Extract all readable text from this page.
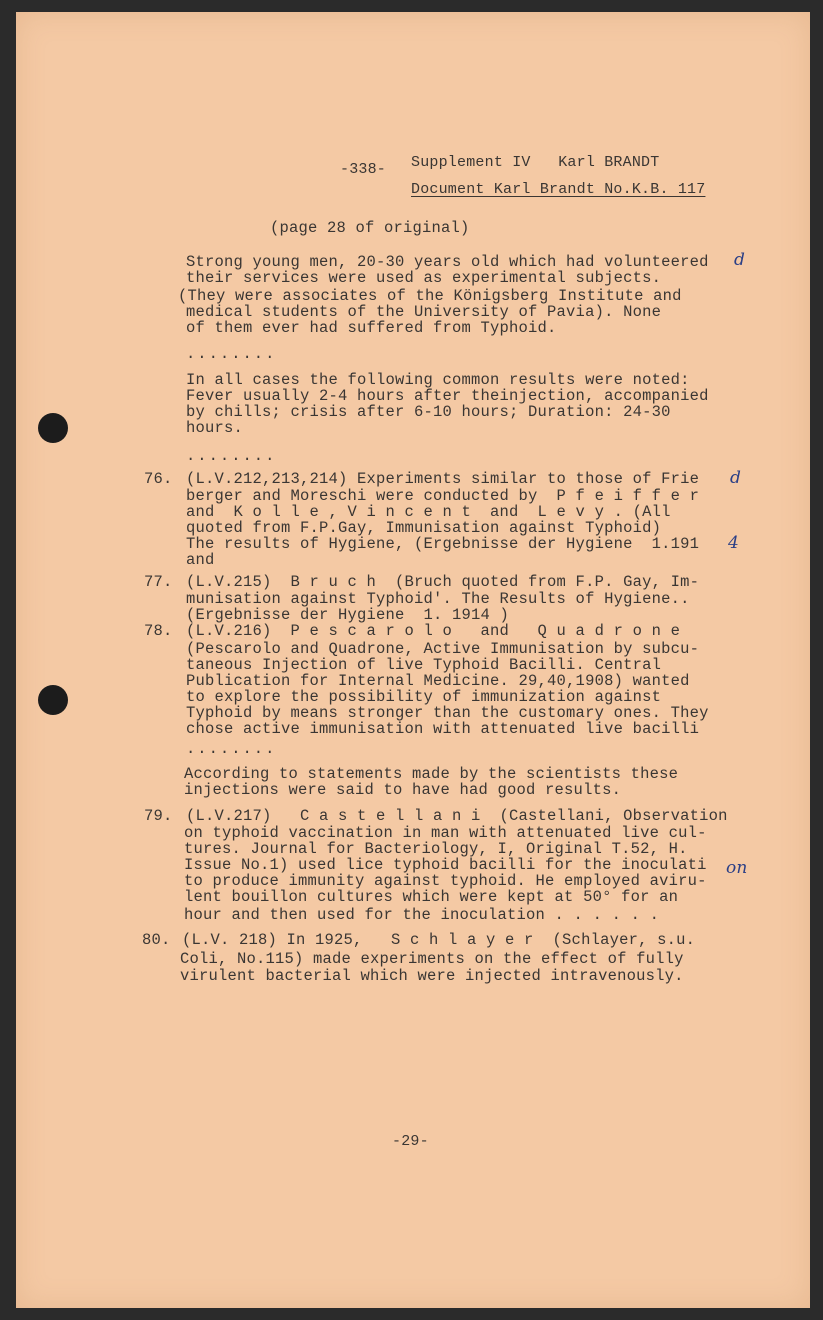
-338- Supplement IV   Karl BRANDT
Document Karl Brandt No.K.B. 117
(page 28 of original)
Strong young men, 20-30 years old which had volunteered d
their services were used as experimental subjects.
(They were associates of the Königsberg Institute and
medical students of the University of Pavia). None
of them ever had suffered from Typhoid.
........
In all cases the following common results were noted:
Fever usually 2-4 hours after theinjection, accompanied
by chills; crisis after 6-10 hours; Duration: 24-30
hours.
........
76. (L.V.212,213,214) Experiments similar to those of Frie d
berger and Moreschi were conducted by  P f e i f f e r
and  K o l l e , V i n c e n t  and  L e v y . (All
quoted from F.P.Gay, Immunisation against Typhoid)
The results of Hygiene, (Ergebnisse der Hygiene  1.191 4
and
77. (L.V.215)  B r u c h  (Bruch quoted from F.P. Gay, Im-
munisation against Typhoid'. The Results of Hygiene..
(Ergebnisse der Hygiene  1. 1914 )
78. (L.V.216)  P e s c a r o l o   and   Q u a d r o n e
(Pescarolo and Quadrone, Active Immunisation by subcu-
taneous Injection of live Typhoid Bacilli. Central
Publication for Internal Medicine. 29,40,1908) wanted
to explore the possibility of immunization against
Typhoid by means stronger than the customary ones. They
chose active immunisation with attenuated live bacilli
........
According to statements made by the scientists these
injections were said to have had good results.
79. (L.V.217)   C a s t e l l a n i  (Castellani, Observation
on typhoid vaccination in man with attenuated live cul-
tures. Journal for Bacteriology, I, Original T.52, H.
Issue No.1) used lice typhoid bacilli for the inoculati on
to produce immunity against typhoid. He employed aviru-
lent bouillon cultures which were kept at 50° for an
hour and then used for the inoculation . . . . . .
80. (L.V. 218) In 1925,   S c h l a y e r  (Schlayer, s.u.
Coli, No.115) made experiments on the effect of fully
virulent bacterial which were injected intravenously.
-29-
